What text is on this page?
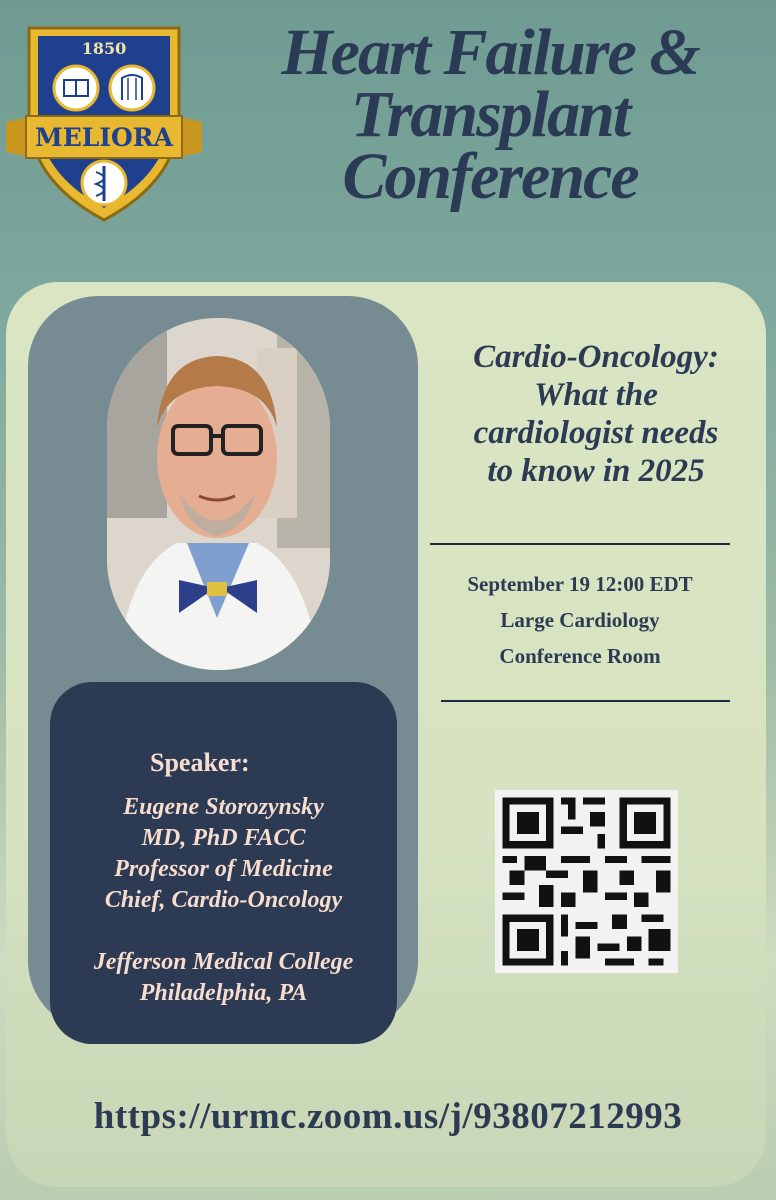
1850
MELIORA
Heart Failure &
Transplant
Conference
Speaker:
Eugene Storozynsky
MD, PhD FACC
Professor of Medicine
Chief, Cardio-Oncology
Jefferson Medical College
Philadelphia, PA
Cardio-Oncology:
What the
cardiologist needs
to know in 2025
September 19 12:00 EDT
Large Cardiology
Conference Room
https://urmc.zoom.us/j/93807212993
